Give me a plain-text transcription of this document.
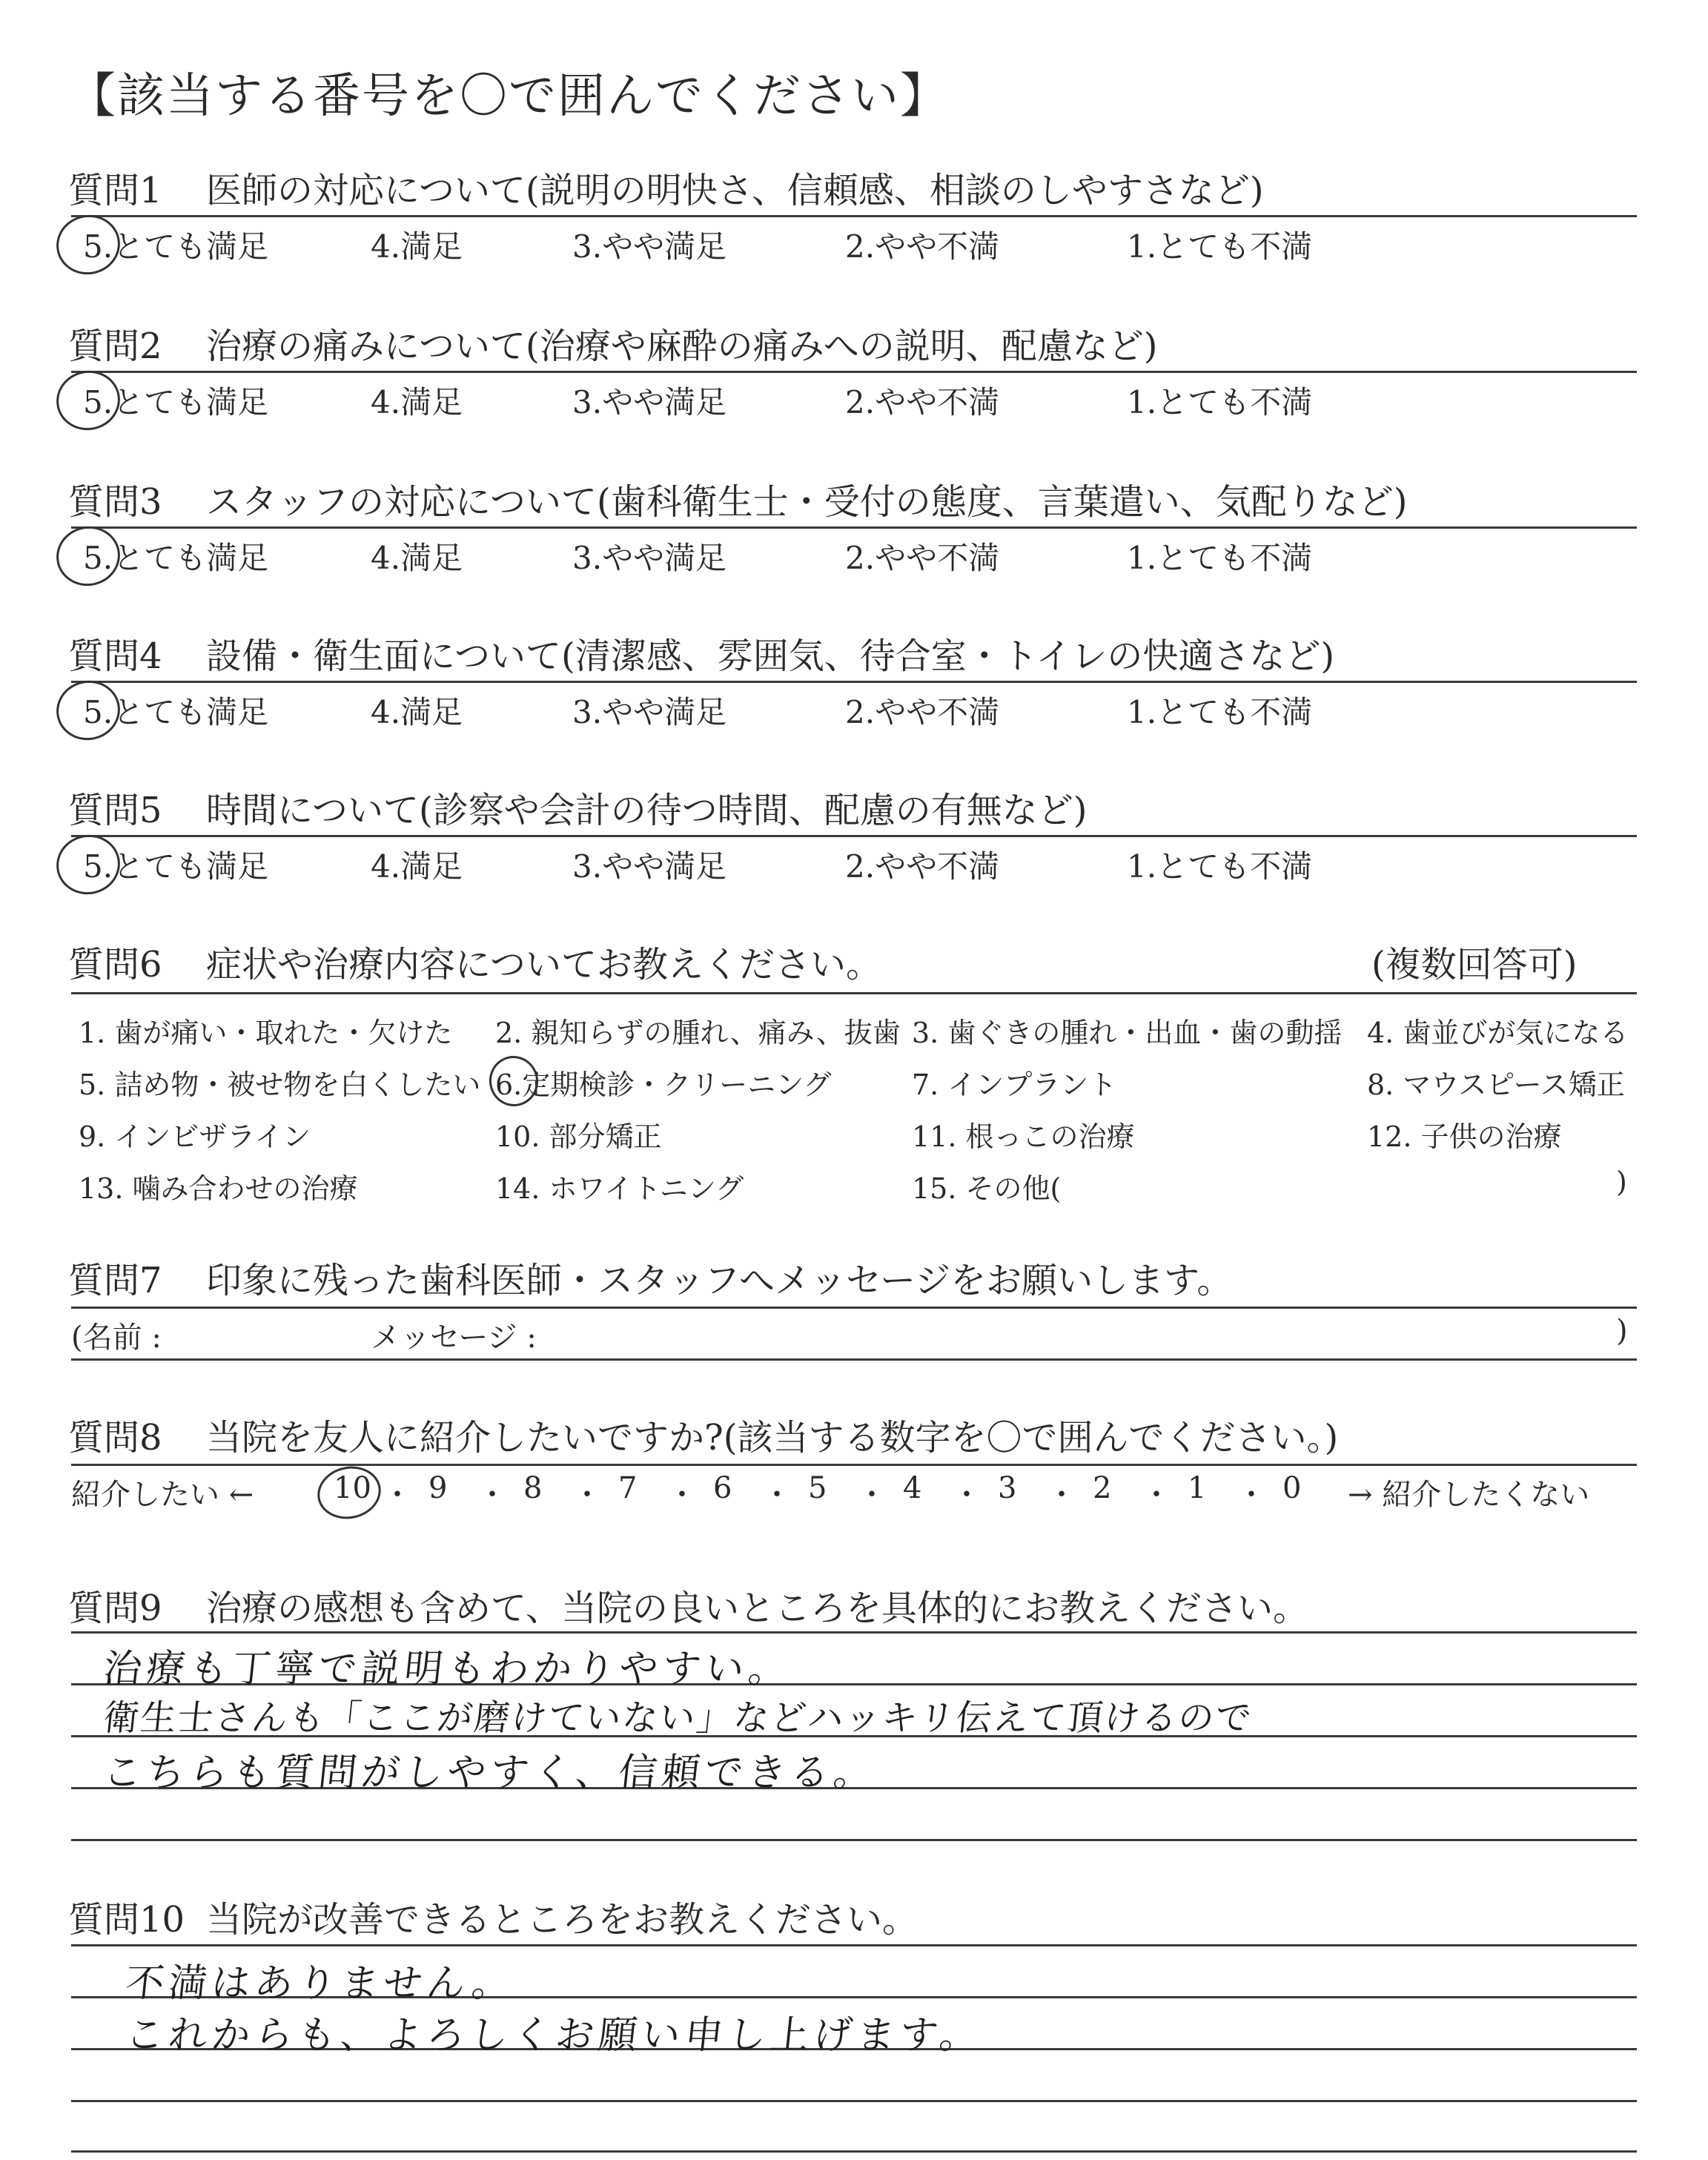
【該当する番号を〇で囲んでください】
質問1 医師の対応について(説明の明快さ、信頼感、相談のしやすさなど)
5.とても満足	4.満足	3.やや満足	2.やや不満	1.とても不満
質問2 治療の痛みについて(治療や麻酔の痛みへの説明、配慮など)
5.とても満足	4.満足	3.やや満足	2.やや不満	1.とても不満
質問3 スタッフの対応について(歯科衛生士・受付の態度、言葉遣い、気配りなど)
5.とても満足	4.満足	3.やや満足	2.やや不満	1.とても不満
質問4 設備・衛生面について(清潔感、雰囲気、待合室・トイレの快適さなど)
5.とても満足	4.満足	3.やや満足	2.やや不満	1.とても不満
質問5 時間について(診察や会計の待つ時間、配慮の有無など)
5.とても満足	4.満足	3.やや満足	2.やや不満	1.とても不満
質問6 症状や治療内容についてお教えください。	(複数回答可)
1. 歯が痛い・取れた・欠けた 2. 親知らずの腫れ、痛み、抜歯 3. 歯ぐきの腫れ・出血・歯の動揺 4. 歯並びが気になる
5. 詰め物・被せ物を白くしたい 6.定期検診・クリーニング	7. インプラント	8. マウスピース矯正
9. インビザライン	10. 部分矯正	11. 根っこの治療	12. 子供の治療
13. 噛み合わせの治療	14. ホワイトニング	15. その他(	)
質問7 印象に残った歯科医師・スタッフへメッセージをお願いします。
(名前 :	メッセージ :	)
質問8 当院を友人に紹介したいですか?(該当する数字を〇で囲んでください。)
紹介したい ←	10 ・ 9 ・ 8 ・ 7 ・ 6 ・ 5 ・ 4 ・ 3 ・ 2 ・ 1 ・ 0 → 紹介したくない
質問9 治療の感想も含めて、当院の良いところを具体的にお教えください。
治療も丁寧で説明もわかりやすい。
衛生士さんも「ここが磨けていない」などハッキリ伝えて頂けるので
こちらも質問がしやすく、信頼できる。
質問10 当院が改善できるところをお教えください。
不満はありません。
これからも、よろしくお願い申し上げます。
